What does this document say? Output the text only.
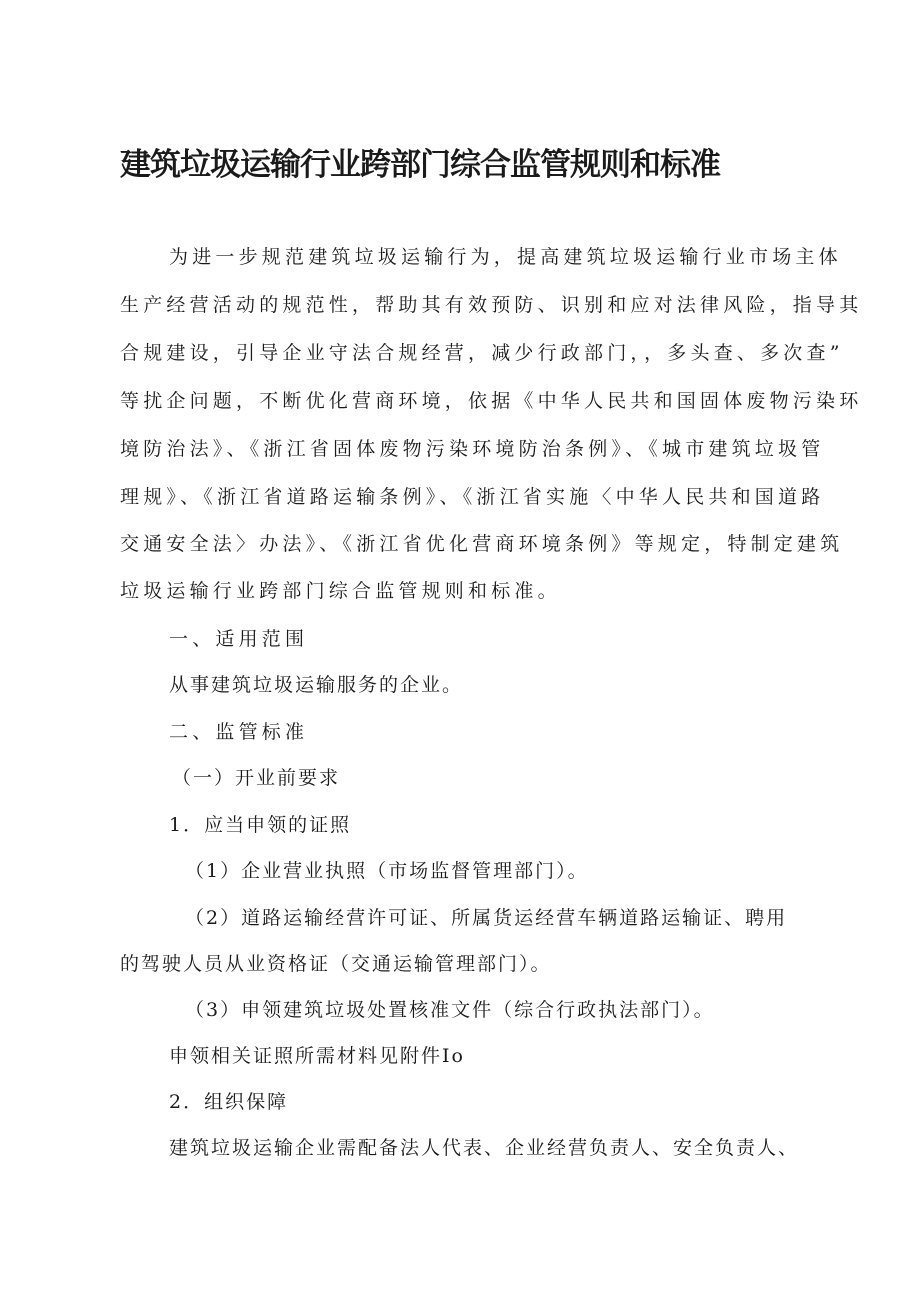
建筑垃圾运输行业跨部门综合监管规则和标准
为进一步规范建筑垃圾运输行为，提高建筑垃圾运输行业市场主体
生产经营活动的规范性，帮助其有效预防、识别和应对法律风险，指导其
合规建设，引导企业守法合规经营，减少行政部门，，多头查、多次查”
等扰企问题，不断优化营商环境，依据《中华人民共和国固体废物污染环
境防治法》、《浙江省固体废物污染环境防治条例》、《城市建筑垃圾管
理规》、《浙江省道路运输条例》、《浙江省实施〈中华人民共和国道路
交通安全法〉办法》、《浙江省优化营商环境条例》等规定，特制定建筑
垃圾运输行业跨部门综合监管规则和标准。
一、适用范围
从事建筑垃圾运输服务的企业。
二、监管标准
（一）开业前要求
1．应当申领的证照
（1）企业营业执照（市场监督管理部门）。
（2）道路运输经营许可证、所属货运经营车辆道路运输证、聘用
的驾驶人员从业资格证（交通运输管理部门）。
（3）申领建筑垃圾处置核准文件（综合行政执法部门）。
申领相关证照所需材料见附件Io
2．组织保障
建筑垃圾运输企业需配备法人代表、企业经营负责人、安全负责人、
